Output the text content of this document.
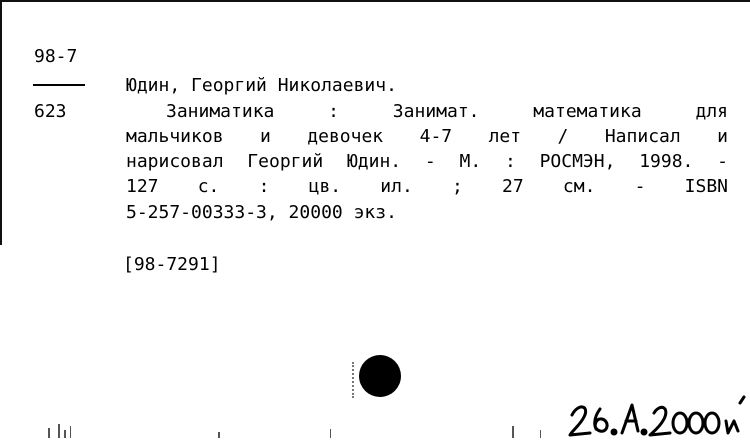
98-7
623
Юдин, Георгий Николаевич.
Заниматика : Занимат. математика для
мальчиков и девочек 4-7 лет / Написал и
нарисовал Георгий Юдин. - М. : РОСМЭН, 1998. -
127 с. : цв. ил. ; 27 см. - ISBN
5-257-00333-3, 20000 экз.
[98-7291]
